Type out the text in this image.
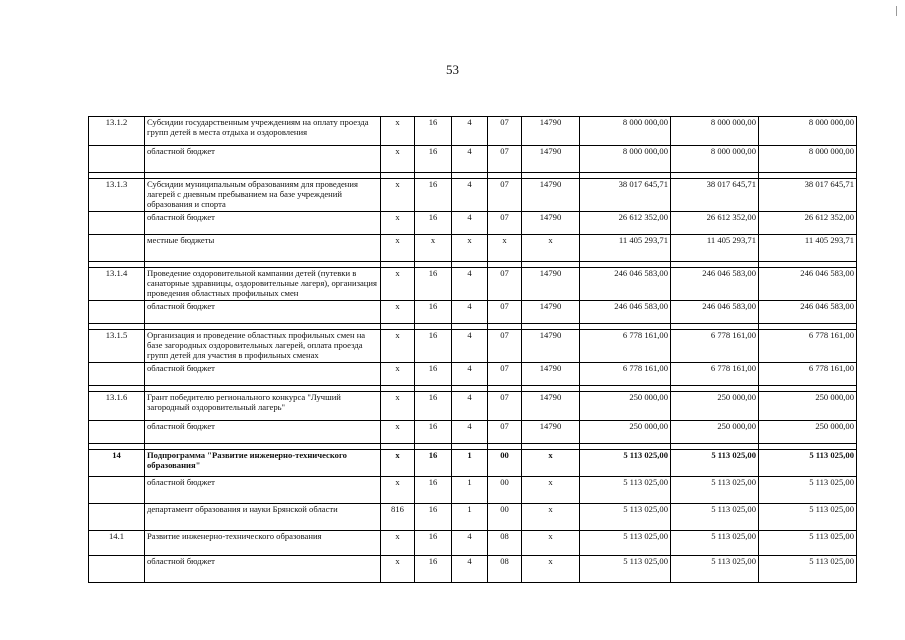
53
13.1.2	Субсидии государственным учреждениям на оплату проезда групп детей в места отдыха и оздоровления	х	16	4	07	14790	8 000 000,00	8 000 000,00	8 000 000,00
	областной бюджет	х	16	4	07	14790	8 000 000,00	8 000 000,00	8 000 000,00

13.1.3	Субсидии муниципальным образованиям для проведения лагерей с дневным пребыванием на базе учреждений образования и спорта	х	16	4	07	14790	38 017 645,71	38 017 645,71	38 017 645,71
	областной бюджет	х	16	4	07	14790	26 612 352,00	26 612 352,00	26 612 352,00
	местные бюджеты	х	х	х	х	х	11 405 293,71	11 405 293,71	11 405 293,71

13.1.4	Проведение оздоровительной кампании детей (путевки в санаторные здравницы, оздоровительные лагеря), организация проведения областных профильных смен	х	16	4	07	14790	246 046 583,00	246 046 583,00	246 046 583,00
	областной бюджет	х	16	4	07	14790	246 046 583,00	246 046 583,00	246 046 583,00

13.1.5	Организация и проведение областных профильных смен на базе загородных оздоровительных лагерей, оплата проезда групп детей для участия в профильных сменах	х	16	4	07	14790	6 778 161,00	6 778 161,00	6 778 161,00
	областной бюджет	х	16	4	07	14790	6 778 161,00	6 778 161,00	6 778 161,00

13.1.6	Грант победителю регионального конкурса "Лучший загородный оздоровительный лагерь"	х	16	4	07	14790	250 000,00	250 000,00	250 000,00
	областной бюджет	х	16	4	07	14790	250 000,00	250 000,00	250 000,00

14	Подпрограмма "Развитие инженерно-технического образования"	х	16	1	00	х	5 113 025,00	5 113 025,00	5 113 025,00
	областной бюджет	х	16	1	00	х	5 113 025,00	5 113 025,00	5 113 025,00
	департамент образования и науки Брянской области	816	16	1	00	х	5 113 025,00	5 113 025,00	5 113 025,00
14.1	Развитие инженерно-технического образования	х	16	4	08	х	5 113 025,00	5 113 025,00	5 113 025,00
	областной бюджет	х	16	4	08	х	5 113 025,00	5 113 025,00	5 113 025,00
